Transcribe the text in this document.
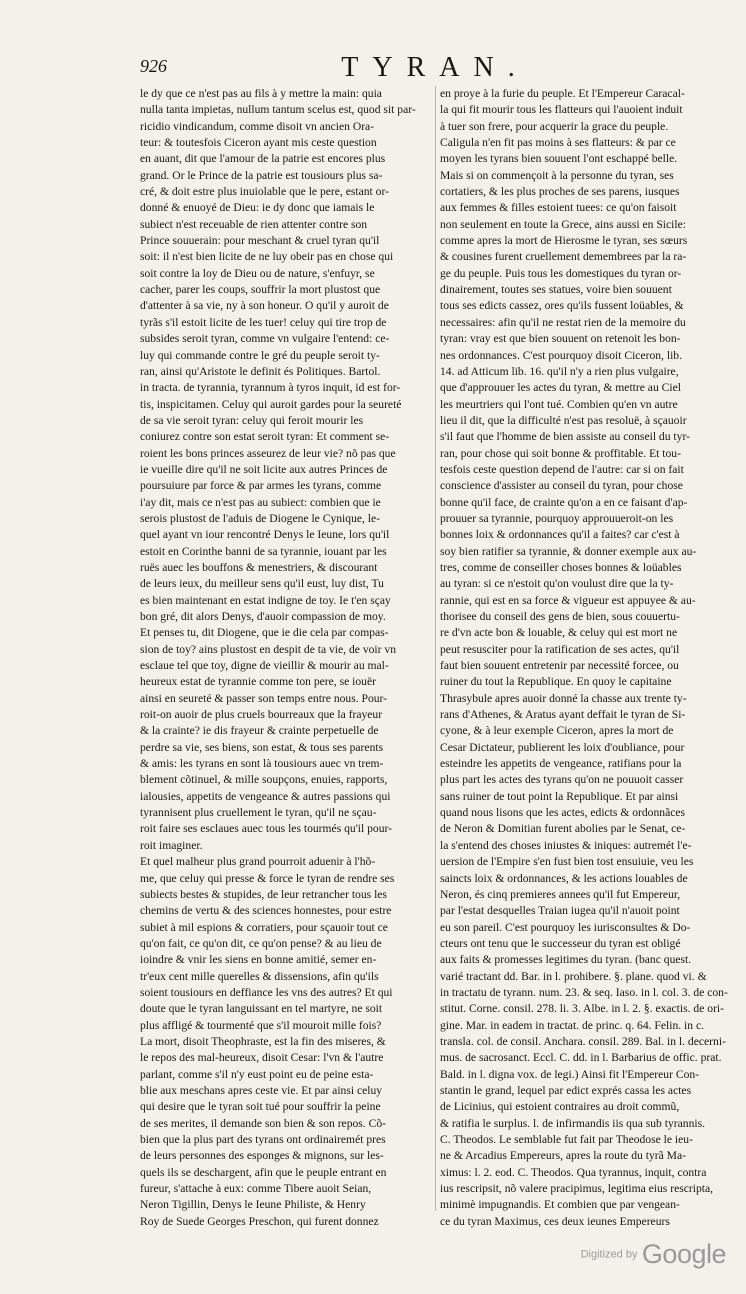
926	TYRAN.
le dy que ce n'est pas au fils à y mettre la main: quia
nulla tanta impietas, nullum tantum scelus est, quod sit par-
ricidio vindicandum, comme disoit vn ancien Ora-
teur: & toutesfois Ciceron ayant mis ceste question
en auant, dit que l'amour de la patrie est encores plus
grand. Or le Prince de la patrie est tousiours plus sa-
cré, & doit estre plus inuiolable que le pere, estant or-
donné & enuoyé de Dieu: ie dy donc que iamais le
subiect n'est receuable de rien attenter contre son
Prince souuerain: pour meschant & cruel tyran qu'il
soit: il n'est bien licite de ne luy obeir pas en chose qui
soit contre la loy de Dieu ou de nature, s'enfuyr, se
cacher, parer les coups, souffrir la mort plustost que
d'attenter à sa vie, ny à son honeur. O qu'il y auroit de
tyrãs s'il estoit licite de les tuer! celuy qui tire trop de
subsides seroit tyran, comme vn vulgaire l'entend: ce-
luy qui commande contre le gré du peuple seroit ty-
ran, ainsi qu'Aristote le definit és Politiques. Bartol.
in tracta. de tyrannia, tyrannum à tyros inquit, id est for-
tis, inspicitamen. Celuy qui auroit gardes pour la seureté
de sa vie seroit tyran: celuy qui feroit mourir les
coniurez contre son estat seroit tyran: Et comment se-
roient les bons princes asseurez de leur vie? nõ pas que
ie vueille dire qu'il ne soit licite aux autres Princes de
poursuiure par force & par armes les tyrans, comme
i'ay dit, mais ce n'est pas au subiect: combien que ie
serois plustost de l'aduis de Diogene le Cynique, le-
quel ayant vn iour rencontré Denys le Ieune, lors qu'il
estoit en Corinthe banni de sa tyrannie, iouant par les
ruës auec les bouffons & menestriers, & discourant
de leurs ieux, du meilleur sens qu'il eust, luy dist, Tu
es bien maintenant en estat indigne de toy. Ie t'en sçay
bon gré, dit alors Denys, d'auoir compassion de moy.
Et penses tu, dit Diogene, que ie die cela par compas-
sion de toy? ains plustost en despit de ta vie, de voir vn
esclaue tel que toy, digne de vieillir & mourir au mal-
heureux estat de tyrannie comme ton pere, se iouër
ainsi en seureté & passer son temps entre nous. Pour-
roit-on auoir de plus cruels bourreaux que la frayeur
& la crainte? ie dis frayeur & crainte perpetuelle de
perdre sa vie, ses biens, son estat, & tous ses parents
& amis: les tyrans en sont là tousiours auec vn trem-
blement cõtinuel, & mille soupçons, enuies, rapports,
ialousies, appetits de vengeance & autres passions qui
tyrannisent plus cruellement le tyran, qu'il ne sçau-
roit faire ses esclaues auec tous les tourmés qu'il pour-
roit imaginer.
Et quel malheur plus grand pourroit aduenir à l'hõ-
me, que celuy qui presse & force le tyran de rendre ses
subiects bestes & stupides, de leur retrancher tous les
chemins de vertu & des sciences honnestes, pour estre
subiet à mil espions & corratiers, pour sçauoir tout ce
qu'on fait, ce qu'on dit, ce qu'on pense? & au lieu de
ioindre & vnir les siens en bonne amitié, semer en-
tr'eux cent mille querelles & dissensions, afin qu'ils
soient tousiours en deffiance les vns des autres? Et qui
doute que le tyran languissant en tel martyre, ne soit
plus affligé & tourmenté que s'il mouroit mille fois?
La mort, disoit Theophraste, est la fin des miseres, &
le repos des mal-heureux, disoit Cesar: l'vn & l'autre
parlant, comme s'il n'y eust point eu de peine esta-
blie aux meschans apres ceste vie. Et par ainsi celuy
qui desire que le tyran soit tué pour souffrir la peine
de ses merites, il demande son bien & son repos. Cõ-
bien que la plus part des tyrans ont ordinairemét pres
de leurs personnes des esponges & mignons, sur les-
quels ils se deschargent, afin que le peuple entrant en
fureur, s'attache à eux: comme Tibere auoit Seian,
Neron Tigillin, Denys le Ieune Philiste, & Henry
Roy de Suede Georges Preschon, qui furent donnez
en proye à la furie du peuple. Et l'Empereur Caracal-
la qui fit mourir tous les flatteurs qui l'auoient induit
à tuer son frere, pour acquerir la grace du peuple.
Caligula n'en fit pas moins à ses flatteurs: & par ce
moyen les tyrans bien souuent l'ont eschappé belle.
Mais si on commençoit à la personne du tyran, ses
cortatiers, & les plus proches de ses parens, iusques
aux femmes & filles estoient tuees: ce qu'on faisoit
non seulement en toute la Grece, ains aussi en Sicile:
comme apres la mort de Hierosme le tyran, ses sœurs
& cousines furent cruellement demembrees par la ra-
ge du peuple. Puis tous les domestiques du tyran or-
dinairement, toutes ses statues, voire bien souuent
tous ses edicts cassez, ores qu'ils fussent loüables, &
necessaires: afin qu'il ne restat rien de la memoire du
tyran: vray est que bien souuent on retenoit les bon-
nes ordonnances. C'est pourquoy disoit Ciceron, lib.
14. ad Atticum lib. 16. qu'il n'y a rien plus vulgaire,
que d'approuuer les actes du tyran, & mettre au Ciel
les meurtriers qui l'ont tué. Combien qu'en vn autre
lieu il dit, que la difficulté n'est pas resoluë, à sçauoir
s'il faut que l'homme de bien assiste au conseil du tyr-
ran, pour chose qui soit bonne & proffitable. Et tou-
tesfois ceste question depend de l'autre: car si on fait
conscience d'assister au conseil du tyran, pour chose
bonne qu'il face, de crainte qu'on a en ce faisant d'ap-
prouuer sa tyrannie, pourquoy approuueroit-on les
bonnes loix & ordonnances qu'il a faites? car c'est à
soy bien ratifier sa tyrannie, & donner exemple aux au-
tres, comme de conseiller choses bonnes & loüables
au tyran: si ce n'estoit qu'on voulust dire que la ty-
rannie, qui est en sa force & vigueur est appuyee & au-
thorisee du conseil des gens de bien, sous couuertu-
re d'vn acte bon & louable, & celuy qui est mort ne
peut resusciter pour la ratification de ses actes, qu'il
faut bien souuent entretenir par necessité forcee, ou
ruiner du tout la Republique. En quoy le capitaine
Thrasybule apres auoir donné la chasse aux trente ty-
rans d'Athenes, & Aratus ayant deffait le tyran de Si-
cyone, & à leur exemple Ciceron, apres la mort de
Cesar Dictateur, publierent les loix d'oubliance, pour
esteindre les appetits de vengeance, ratifians pour la
plus part les actes des tyrans qu'on ne pouuoit casser
sans ruiner de tout point la Republique. Et par ainsi
quand nous lisons que les actes, edicts & ordonnãces
de Neron & Domitian furent abolies par le Senat, ce-
la s'entend des choses iniustes & iniques: autremét l'e-
uersion de l'Empire s'en fust bien tost ensuiuie, veu les
saincts loix & ordonnances, & les actions louables de
Neron, és cinq premieres annees qu'il fut Empereur,
par l'estat desquelles Traian iugea qu'il n'auoit point
eu son pareil. C'est pourquoy les iurisconsultes & Do-
cteurs ont tenu que le successeur du tyran est obligé
aux faits & promesses legitimes du tyran. (banc quest.
varié tractant dd. Bar. in l. prohibere. §. plane. quod vi. &
in tractatu de tyrann. num. 23. & seq. Iaso. in l. col. 3. de con-
stitut. Corne. consil. 278. li. 3. Albe. in l. 2. §. exactis. de ori-
gine. Mar. in eadem in tractat. de princ. q. 64. Felin. in c.
transla. col. de consil. Anchara. consil. 289. Bal. in l. decerni-
mus. de sacrosanct. Eccl. C. dd. in l. Barbarius de offic. prat.
Bald. in l. digna vox. de legi.) Ainsi fit l'Empereur Con-
stantin le grand, lequel par edict exprés cassa les actes
de Licinius, qui estoient contraires au droit commũ,
& ratifia le surplus. l. de infirmandis iis qua sub tyrannis.
C. Theodos. Le semblable fut fait par Theodose le ieu-
ne & Arcadius Empereurs, apres la route du tyrã Ma-
ximus: l. 2. eod. C. Theodos. Qua tyrannus, inquit, contra
ius rescripsit, nõ valere pracipimus, legitima eius rescripta,
minimè impugnandis. Et combien que par vengean-
ce du tyran Maximus, ces deux ieunes Empereurs
Digitized by Google
